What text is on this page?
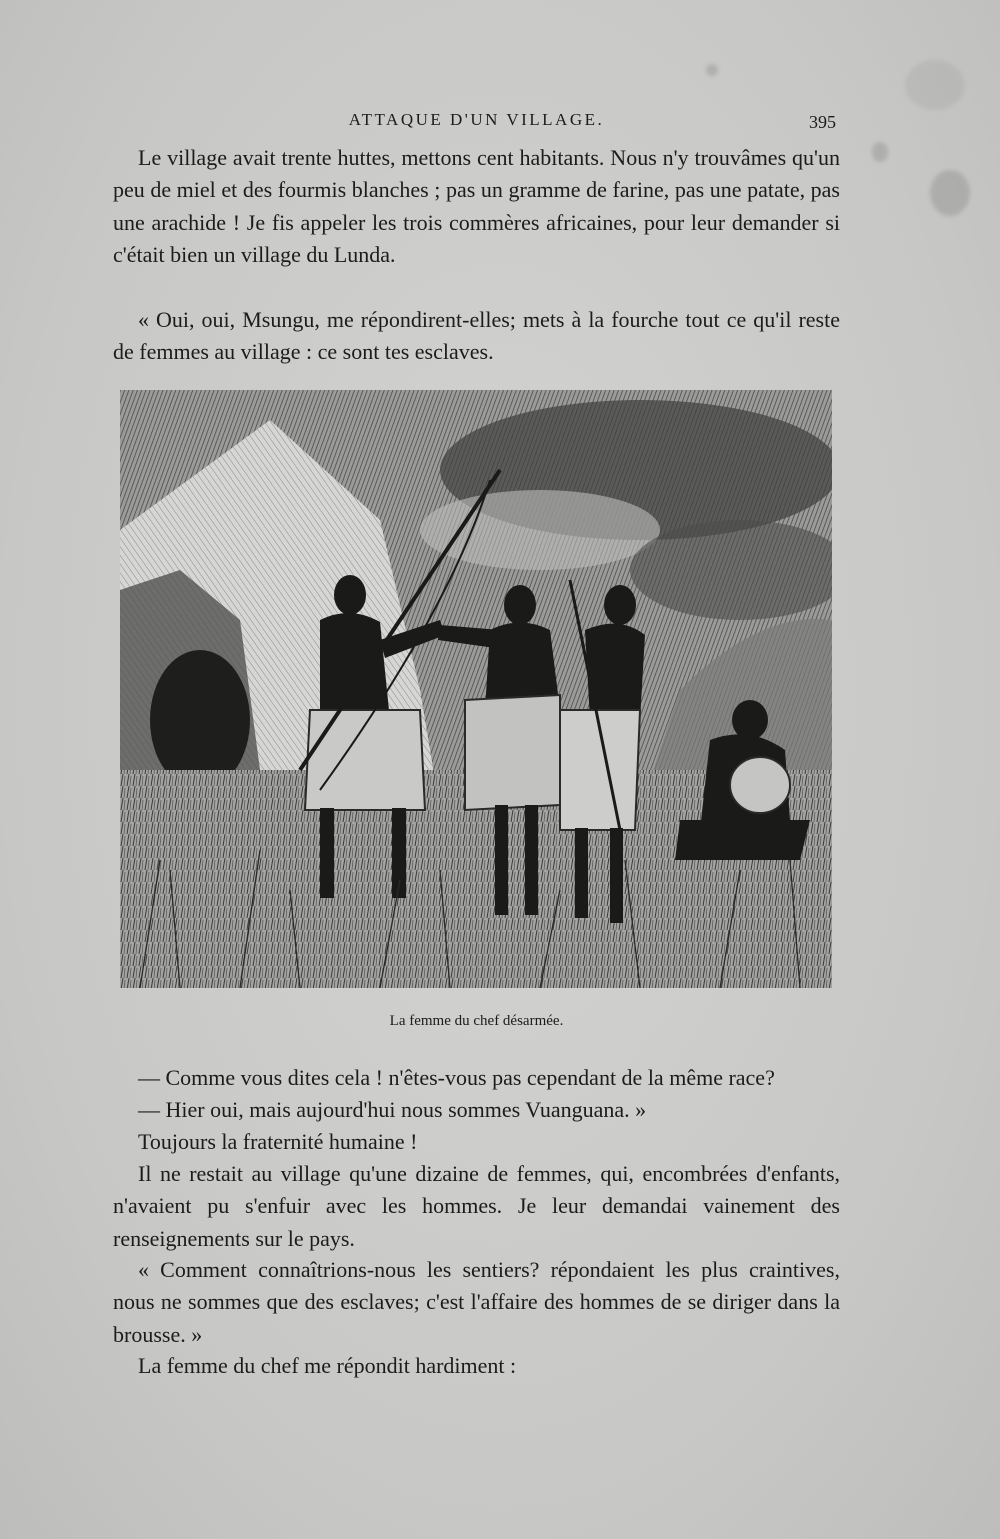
ATTAQUE D'UN VILLAGE.	395

Le village avait trente huttes, mettons cent habitants. Nous n'y trouvâmes qu'un peu de miel et des fourmis blanches ; pas un gramme de farine, pas une patate, pas une arachide ! Je fis appeler les trois commères africaines, pour leur demander si c'était bien un village du Lunda.

« Oui, oui, Msungu, me répondirent-elles; mets à la fourche tout ce qu'il reste de femmes au village : ce sont tes esclaves.

La femme du chef désarmée.

— Comme vous dites cela ! n'êtes-vous pas cependant de la même race?

— Hier oui, mais aujourd'hui nous sommes Vuanguana. »

Toujours la fraternité humaine !

Il ne restait au village qu'une dizaine de femmes, qui, encombrées d'enfants, n'avaient pu s'enfuir avec les hommes. Je leur demandai vainement des renseignements sur le pays.

« Comment connaîtrions-nous les sentiers? répondaient les plus craintives, nous ne sommes que des esclaves; c'est l'affaire des hommes de se diriger dans la brousse. »

La femme du chef me répondit hardiment :
